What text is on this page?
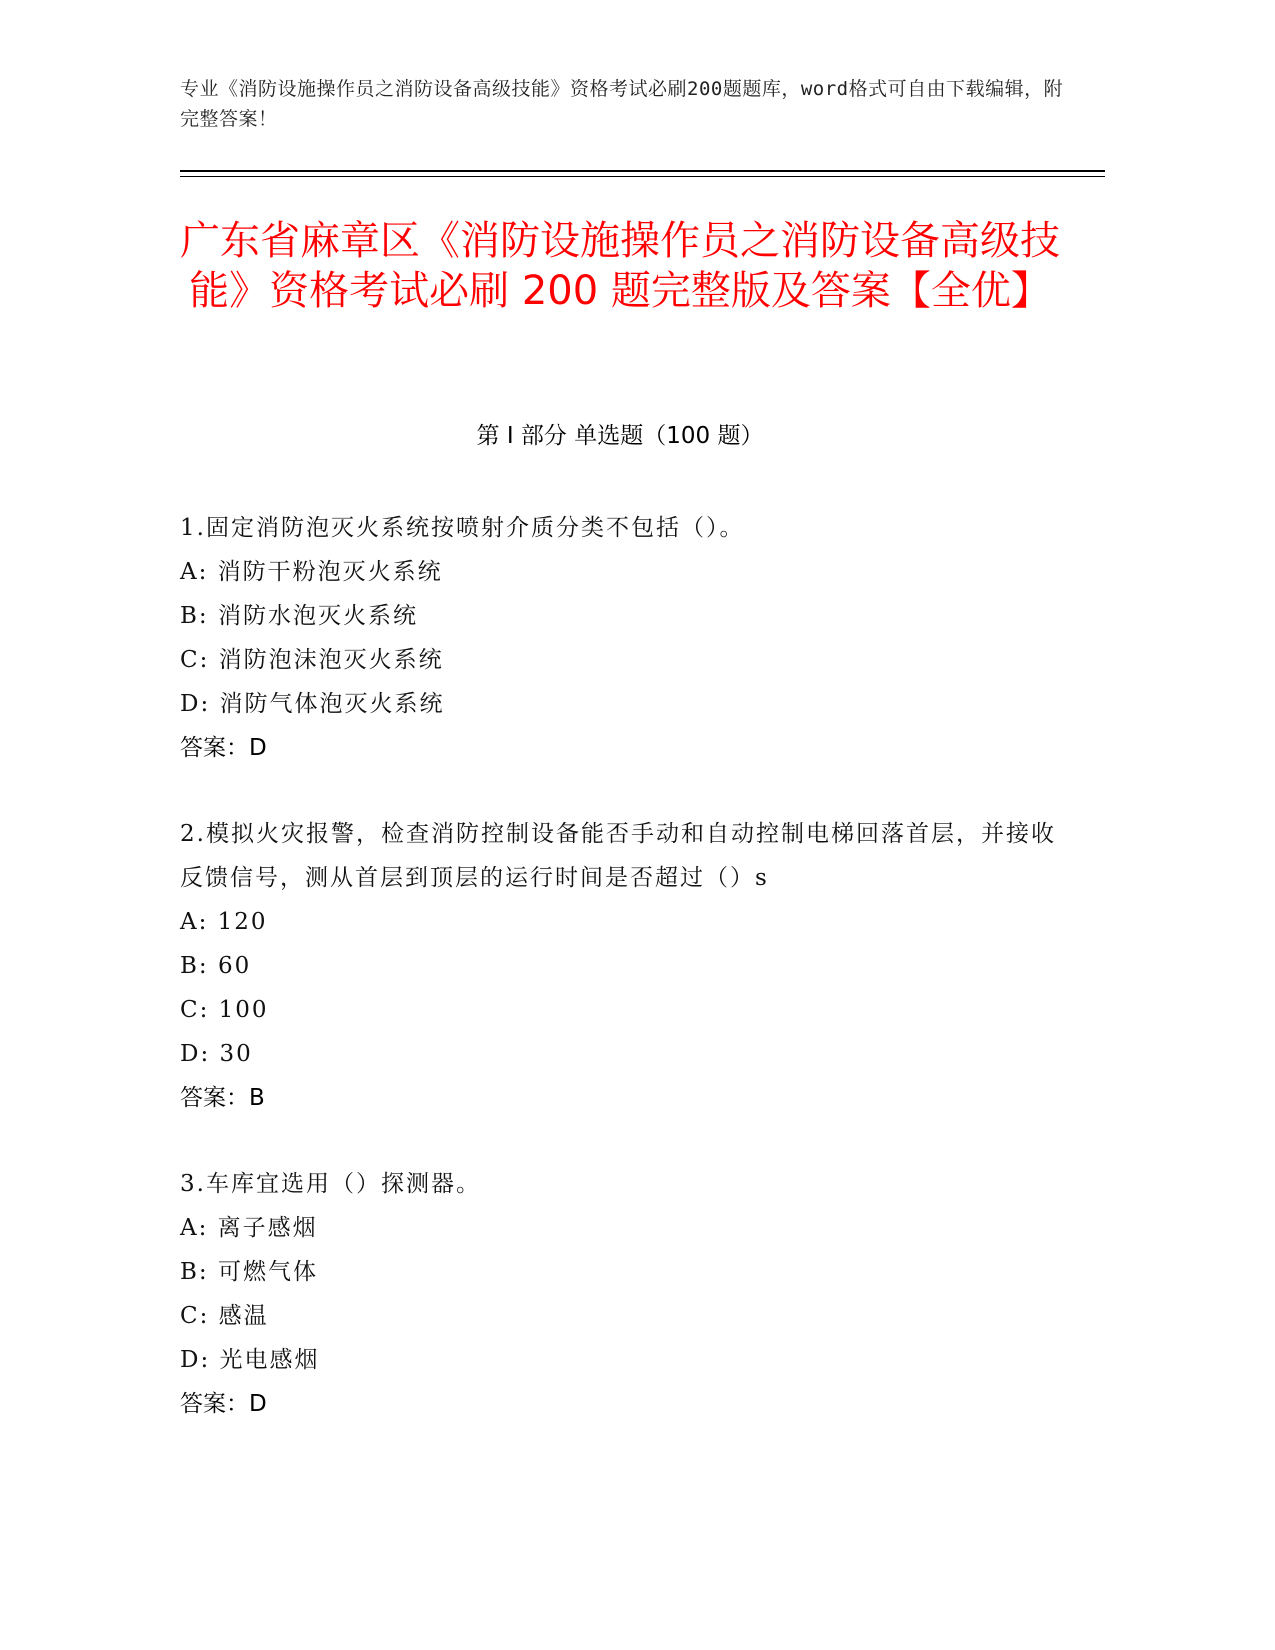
专业《消防设施操作员之消防设备高级技能》资格考试必刷200题题库，word格式可自由下载编辑，附完整答案！
广东省麻章区《消防设施操作员之消防设备高级技能》资格考试必刷 200 题完整版及答案【全优】
第 I 部分 单选题（100 题）
1.固定消防泡灭火系统按喷射介质分类不包括（）。
A: 消防干粉泡灭火系统
B: 消防水泡灭火系统
C: 消防泡沫泡灭火系统
D: 消防气体泡灭火系统
答案：D
2.模拟火灾报警，检查消防控制设备能否手动和自动控制电梯回落首层，并接收反馈信号，测从首层到顶层的运行时间是否超过（）s
A: 120
B: 60
C: 100
D: 30
答案：B
3.车库宜选用（）探测器。
A: 离子感烟
B: 可燃气体
C: 感温
D: 光电感烟
答案：D
